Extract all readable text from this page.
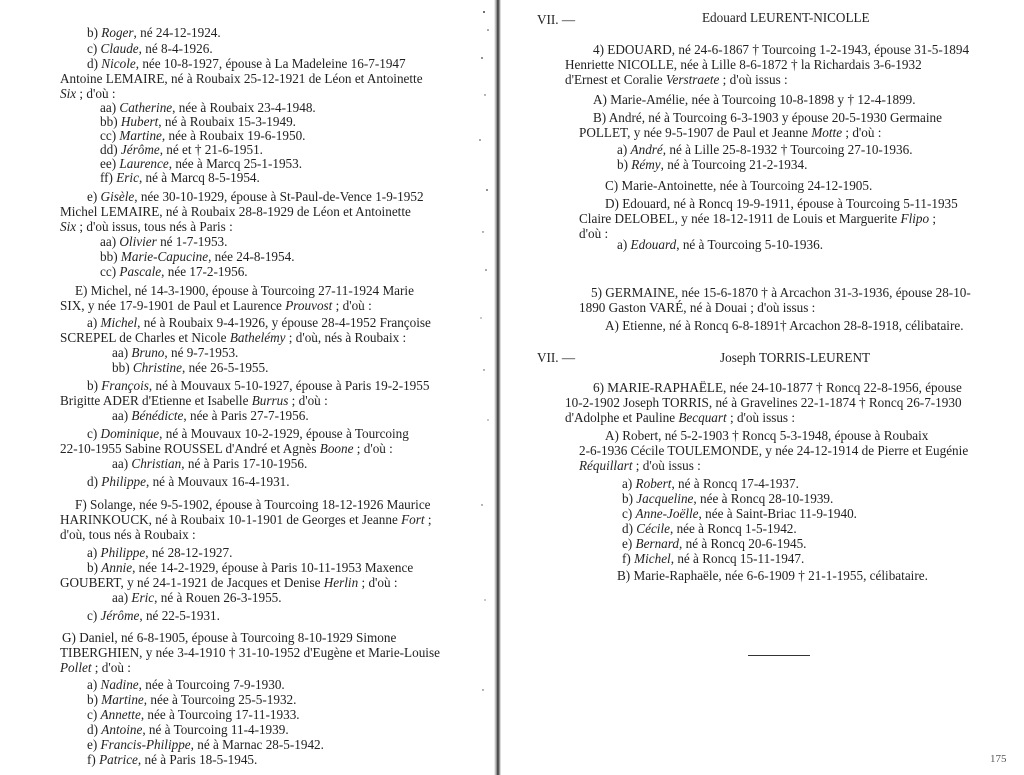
b) Roger, né 24-12-1924.
c) Claude, né 8-4-1926.
d) Nicole, née 10-8-1927, épouse à La Madeleine 16-7-1947
Antoine LEMAIRE, né à Roubaix 25-12-1921 de Léon et Antoinette
Six ; d'où :
aa) Catherine, née à Roubaix 23-4-1948.
bb) Hubert, né à Roubaix 15-3-1949.
cc) Martine, née à Roubaix 19-6-1950.
dd) Jérôme, né et † 21-6-1951.
ee) Laurence, née à Marcq 25-1-1953.
ff) Eric, né à Marcq 8-5-1954.
e) Gisèle, née 30-10-1929, épouse à St-Paul-de-Vence 1-9-1952
Michel LEMAIRE, né à Roubaix 28-8-1929 de Léon et Antoinette
Six ; d'où issus, tous nés à Paris :
aa) Olivier né 1-7-1953.
bb) Marie-Capucine, née 24-8-1954.
cc) Pascale, née 17-2-1956.
E) Michel, né 14-3-1900, épouse à Tourcoing 27-11-1924 Marie
SIX, y née 17-9-1901 de Paul et Laurence Prouvost ; d'où :
a) Michel, né à Roubaix 9-4-1926, y épouse 28-4-1952 Françoise
SCREPEL de Charles et Nicole Bathelémy ; d'où, nés à Roubaix :
aa) Bruno, né 9-7-1953.
bb) Christine, née 26-5-1955.
b) François, né à Mouvaux 5-10-1927, épouse à Paris 19-2-1955
Brigitte ADER d'Etienne et Isabelle Burrus ; d'où :
aa) Bénédicte, née à Paris 27-7-1956.
c) Dominique, né à Mouvaux 10-2-1929, épouse à Tourcoing
22-10-1955 Sabine ROUSSEL d'André et Agnès Boone ; d'où :
aa) Christian, né à Paris 17-10-1956.
d) Philippe, né à Mouvaux 16-4-1931.
F) Solange, née 9-5-1902, épouse à Tourcoing 18-12-1926 Maurice
HARINKOUCK, né à Roubaix 10-1-1901 de Georges et Jeanne Fort ;
d'où, tous nés à Roubaix :
a) Philippe, né 28-12-1927.
b) Annie, née 14-2-1929, épouse à Paris 10-11-1953 Maxence
GOUBERT, y né 24-1-1921 de Jacques et Denise Herlin ; d'où :
aa) Eric, né à Rouen 26-3-1955.
c) Jérôme, né 22-5-1931.
G) Daniel, né 6-8-1905, épouse à Tourcoing 8-10-1929 Simone
TIBERGHIEN, y née 3-4-1910 † 31-10-1952 d'Eugène et Marie-Louise
Pollet ; d'où :
a) Nadine, née à Tourcoing 7-9-1930.
b) Martine, née à Tourcoing 25-5-1932.
c) Annette, née à Tourcoing 17-11-1933.
d) Antoine, né à Tourcoing 11-4-1939.
e) Francis-Philippe, né à Marnac 28-5-1942.
f) Patrice, né à Paris 18-5-1945.
VII. —	Edouard LEURENT-NICOLLE
4) EDOUARD, né 24-6-1867 † Tourcoing 1-2-1943, épouse 31-5-1894
Henriette NICOLLE, née à Lille 8-6-1872 † la Richardais 3-6-1932
d'Ernest et Coralie Verstraete ; d'où issus :
A) Marie-Amélie, née à Tourcoing 10-8-1898 y † 12-4-1899.
B) André, né à Tourcoing 6-3-1903 y épouse 20-5-1930 Germaine
POLLET, y née 9-5-1907 de Paul et Jeanne Motte ; d'où :
a) André, né à Lille 25-8-1932 † Tourcoing 27-10-1936.
b) Rémy, né à Tourcoing 21-2-1934.
C) Marie-Antoinette, née à Tourcoing 24-12-1905.
D) Edouard, né à Roncq 19-9-1911, épouse à Tourcoing 5-11-1935
Claire DELOBEL, y née 18-12-1911 de Louis et Marguerite Flipo ;
d'où :
a) Edouard, né à Tourcoing 5-10-1936.
5) GERMAINE, née 15-6-1870 † à Arcachon 31-3-1936, épouse 28-10-
1890 Gaston VARÉ, né à Douai ; d'où issus :
A) Etienne, né à Roncq 6-8-1891† Arcachon 28-8-1918, célibataire.
VII. —	Joseph TORRIS-LEURENT
6) MARIE-RAPHAËLE, née 24-10-1877 † Roncq 22-8-1956, épouse
10-2-1902 Joseph TORRIS, né à Gravelines 22-1-1874 † Roncq 26-7-1930
d'Adolphe et Pauline Becquart ; d'où issus :
A) Robert, né 5-2-1903 † Roncq 5-3-1948, épouse à Roubaix
2-6-1936 Cécile TOULEMONDE, y née 24-12-1914 de Pierre et Eugénie
Réquillart ; d'où issus :
a) Robert, né à Roncq 17-4-1937.
b) Jacqueline, née à Roncq 28-10-1939.
c) Anne-Joëlle, née à Saint-Briac 11-9-1940.
d) Cécile, née à Roncq 1-5-1942.
e) Bernard, né à Roncq 20-6-1945.
f) Michel, né à Roncq 15-11-1947.
B) Marie-Raphaële, née 6-6-1909 † 21-1-1955, célibataire.
175
